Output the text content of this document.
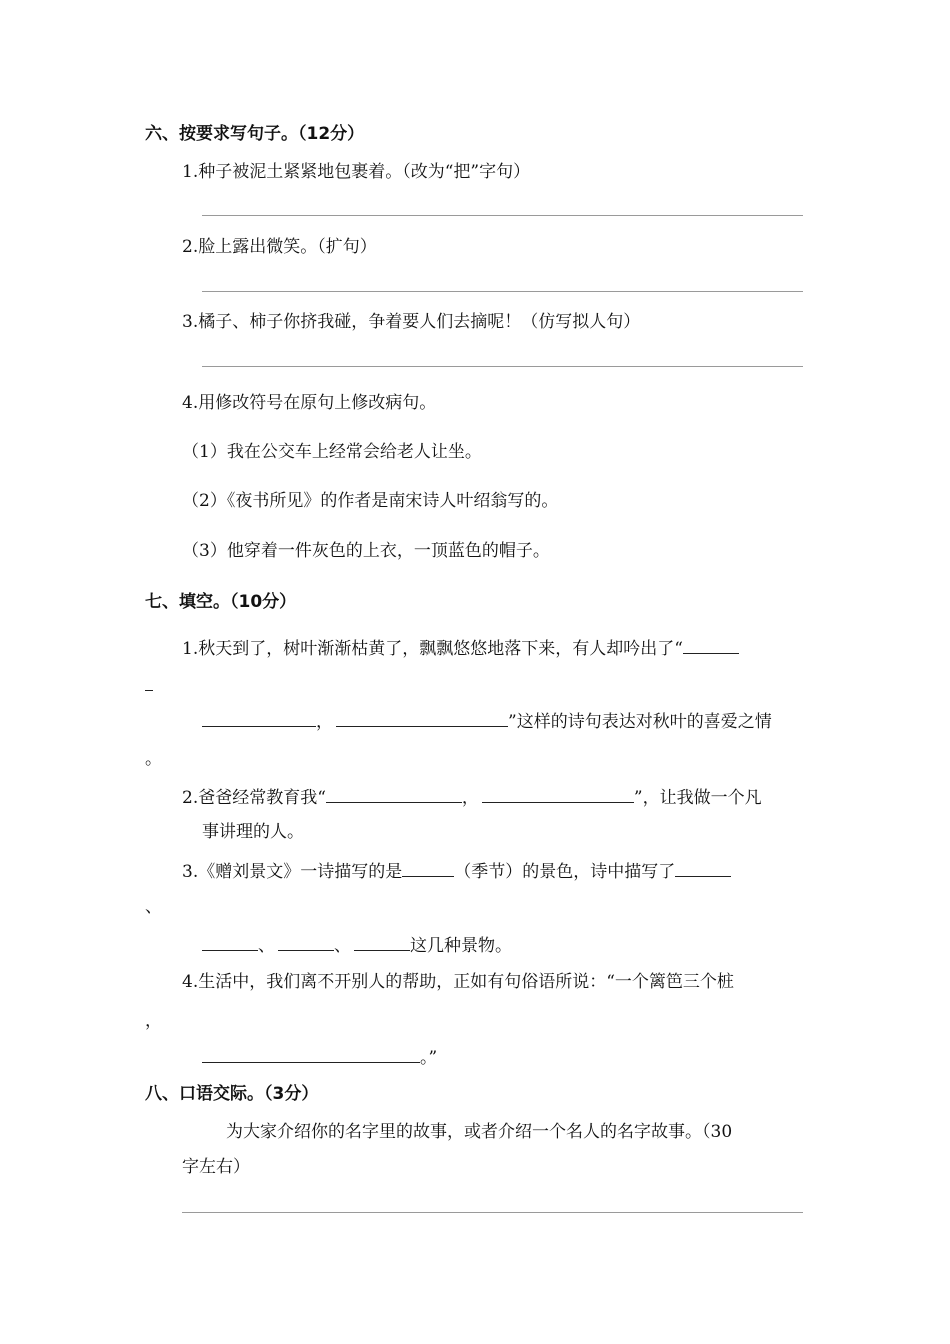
六、按要求写句子。（12分）
1.种子被泥土紧紧地包裹着。（改为“把”字句）
2.脸上露出微笑。（扩句）
3.橘子、柿子你挤我碰，争着要人们去摘呢！（仿写拟人句）
4.用修改符号在原句上修改病句。
（1）我在公交车上经常会给老人让坐。
（2）《夜书所见》的作者是南宋诗人叶绍翁写的。
（3）他穿着一件灰色的上衣，一顶蓝色的帽子。
七、填空。（10分）
1.秋天到了，树叶渐渐枯黄了，飘飘悠悠地落下来，有人却吟出了“
，	”这样的诗句表达对秋叶的喜爱之情
。
2.爸爸经常教育我“	，	”，让我做一个凡
事讲理的人。
3.《赠刘景文》一诗描写的是	（季节）的景色，诗中描写了
、
、	、	这几种景物。
4.生活中，我们离不开别人的帮助，正如有句俗语所说：“一个篱笆三个桩
，
。”
八、口语交际。（3分）
为大家介绍你的名字里的故事，或者介绍一个名人的名字故事。（30
字左右）
